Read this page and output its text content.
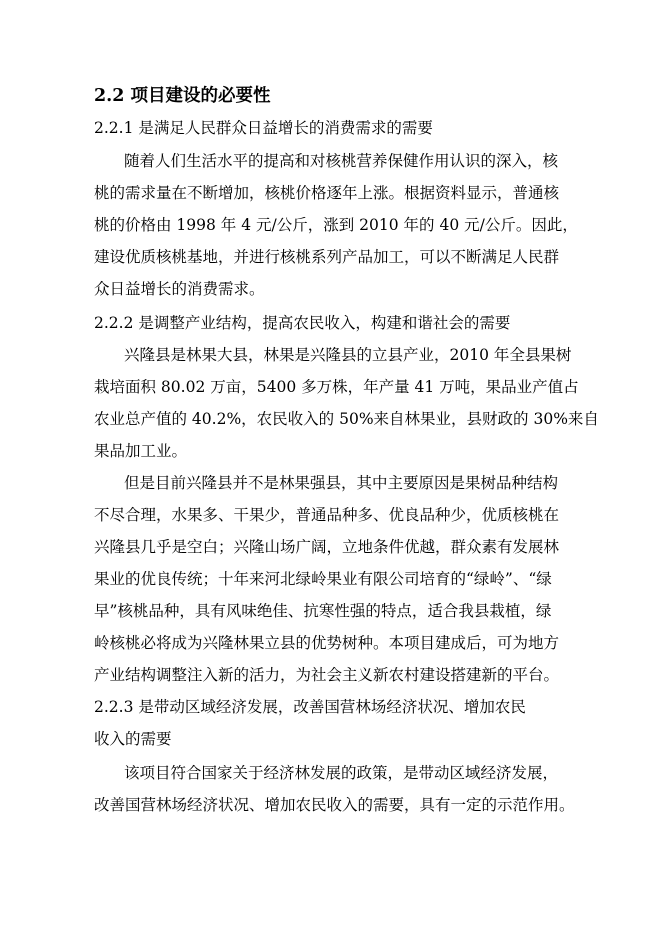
2.2 项目建设的必要性
2.2.1 是满足人民群众日益增长的消费需求的需要
随着人们生活水平的提高和对核桃营养保健作用认识的深入，核
桃的需求量在不断增加，核桃价格逐年上涨。根据资料显示，普通核
桃的价格由 1998 年 4 元/公斤，涨到 2010 年的 40 元/公斤。因此，
建设优质核桃基地，并进行核桃系列产品加工，可以不断满足人民群
众日益增长的消费需求。
2.2.2 是调整产业结构，提高农民收入，构建和谐社会的需要
兴隆县是林果大县，林果是兴隆县的立县产业，2010 年全县果树
栽培面积 80.02 万亩，5400 多万株，年产量 41 万吨，果品业产值占
农业总产值的 40.2%，农民收入的 50%来自林果业，县财政的 30%来自
果品加工业。
但是目前兴隆县并不是林果强县，其中主要原因是果树品种结构
不尽合理，水果多、干果少，普通品种多、优良品种少，优质核桃在
兴隆县几乎是空白；兴隆山场广阔，立地条件优越，群众素有发展林
果业的优良传统；十年来河北绿岭果业有限公司培育的“绿岭”、“绿
早”核桃品种，具有风味绝佳、抗寒性强的特点，适合我县栽植，绿
岭核桃必将成为兴隆林果立县的优势树种。本项目建成后，可为地方
产业结构调整注入新的活力，为社会主义新农村建设搭建新的平台。
2.2.3 是带动区域经济发展，改善国营林场经济状况、增加农民
收入的需要
该项目符合国家关于经济林发展的政策，是带动区域经济发展，
改善国营林场经济状况、增加农民收入的需要，具有一定的示范作用。
